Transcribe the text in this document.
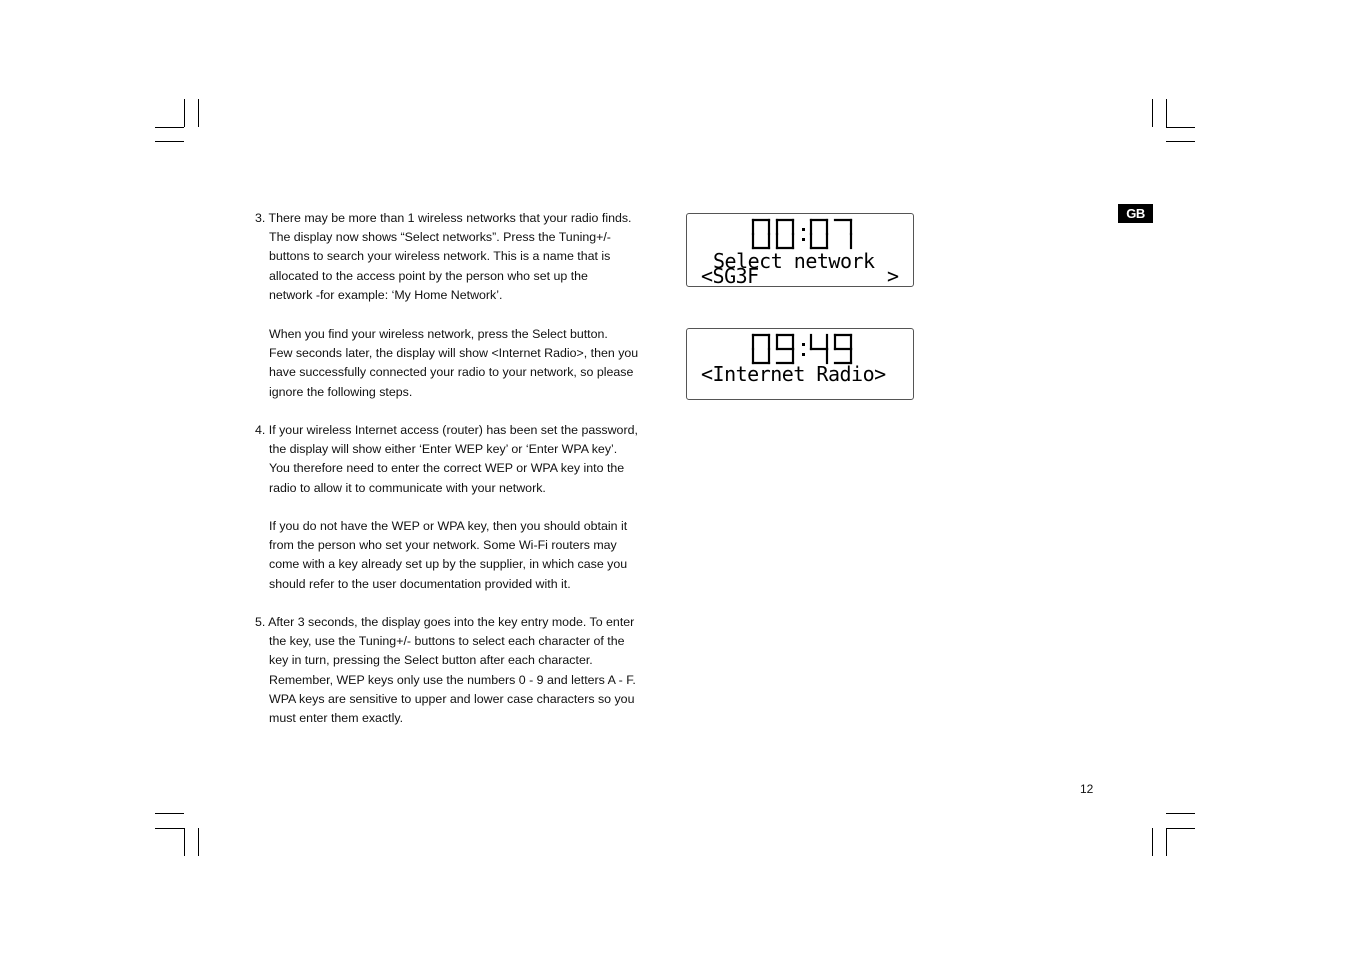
GB
12

3. There may be more than 1 wireless networks that your radio finds.

The display now shows “Select networks”. Press the Tuning+/-

buttons to search your wireless network. This is a name that is

allocated to the access point by the person who set up the

network -for example: ‘My Home Network’.

When you find your wireless network, press the Select button.

Few seconds later, the display will show <Internet Radio>, then you

have successfully connected your radio to your network, so please

ignore the following steps.

4. If your wireless Internet access (router) has been set the password,

the display will show either ‘Enter WEP key’ or ‘Enter WPA key’.

You therefore need to enter the correct WEP or WPA key into the

radio to allow it to communicate with your network.

If you do not have the WEP or WPA key, then you should obtain it

from the person who set your network. Some Wi-Fi routers may

come with a key already set up by the supplier, in which case you

should refer to the user documentation provided with it.

5. After 3 seconds, the display goes into the key entry mode. To enter

the key, use the Tuning+/- buttons to select each character of the

key in turn, pressing the Select button after each character.

Remember, WEP keys only use the numbers 0 - 9 and letters A - F.

WPA keys are sensitive to upper and lower case characters so you

must enter them exactly.

Select network
<SG3F	>
<Internet Radio>
